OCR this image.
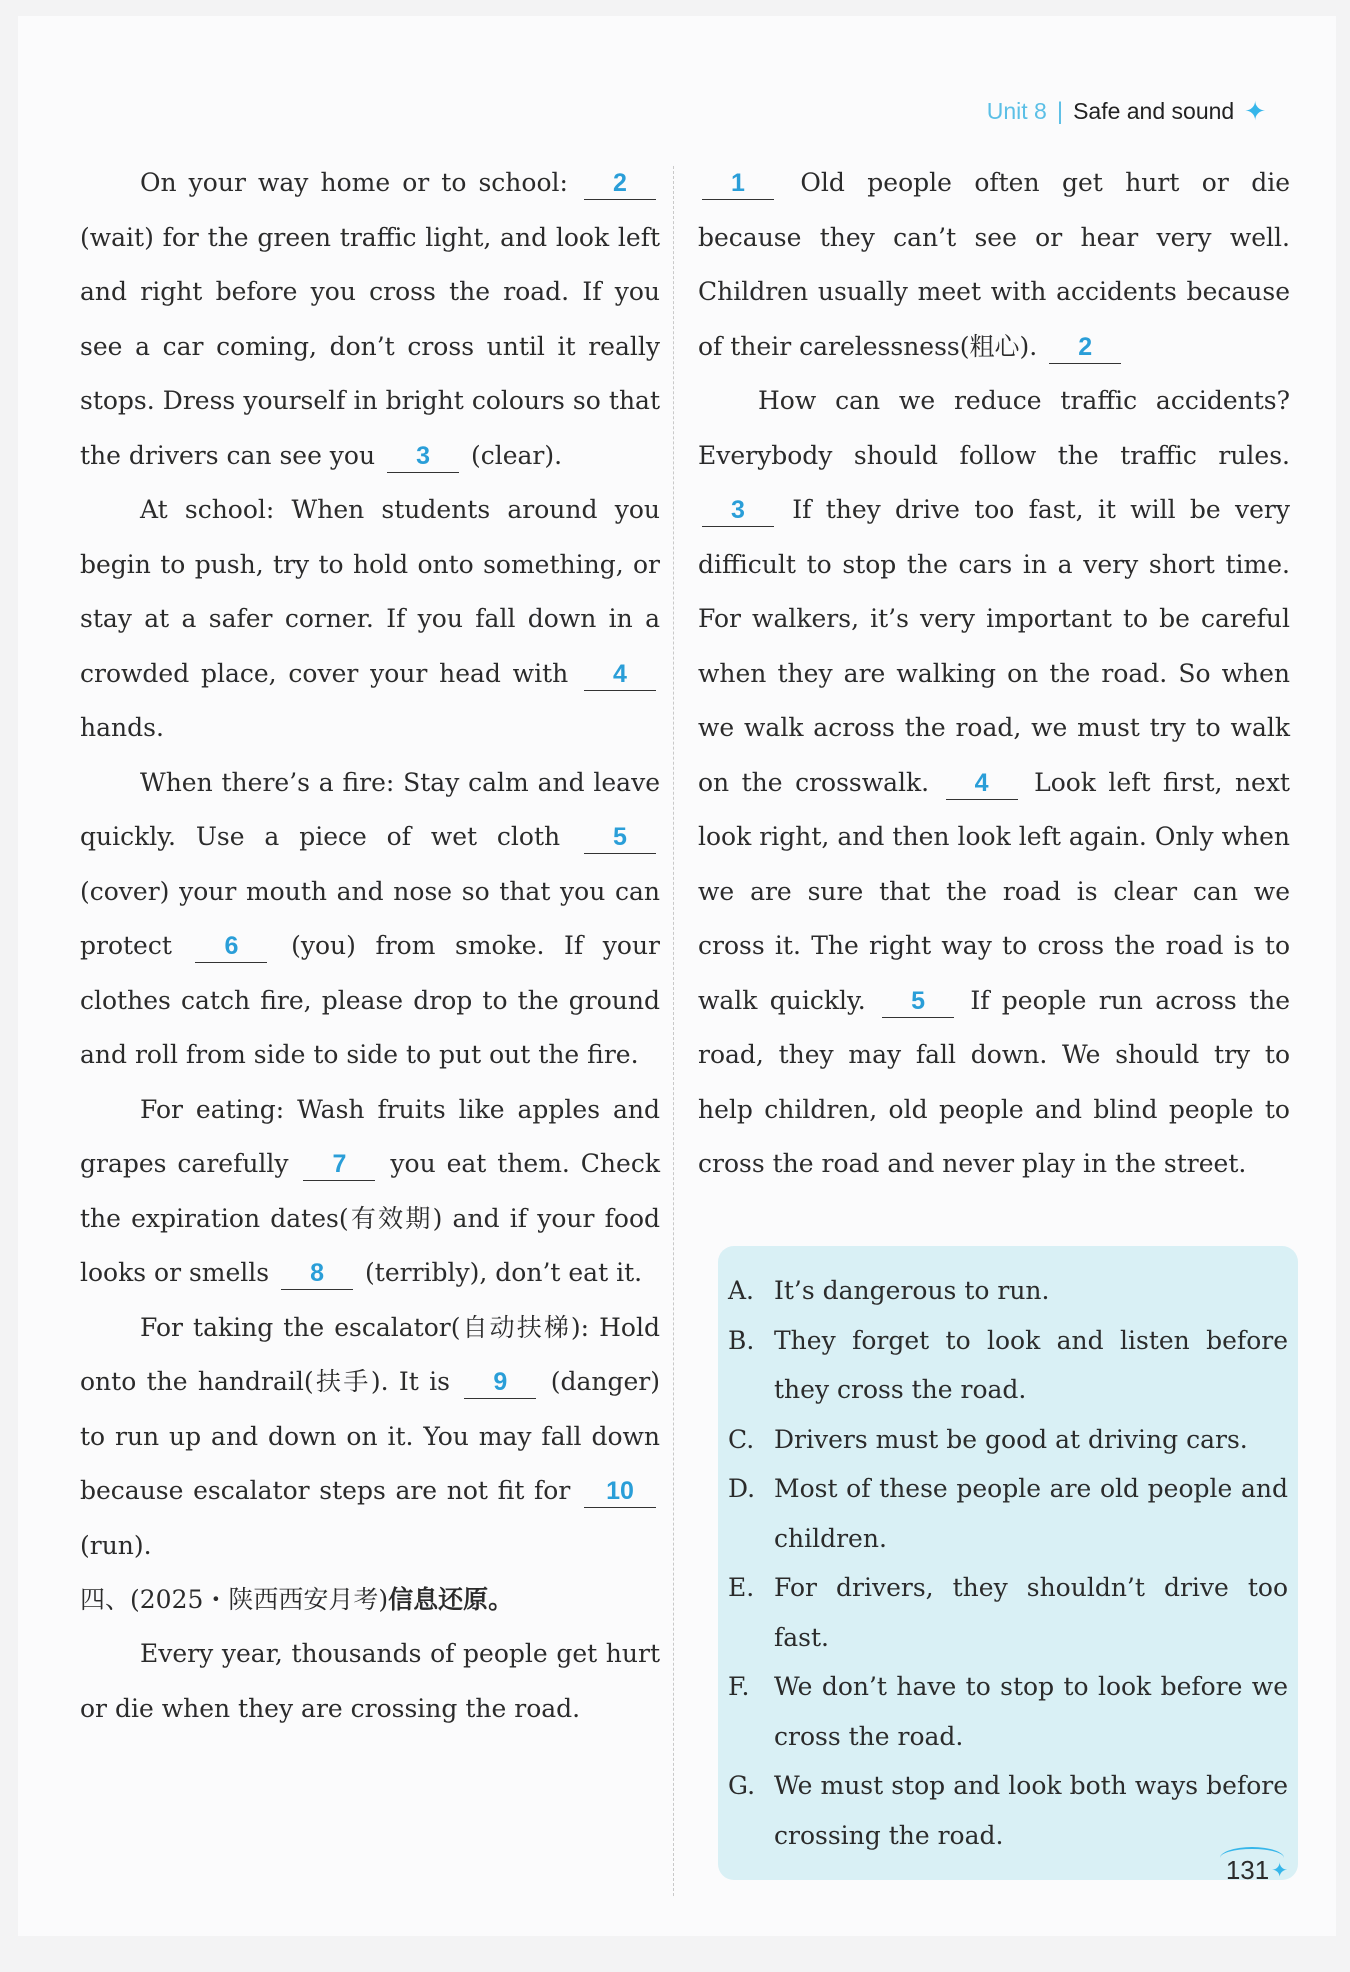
Unit 8 | Safe and sound ✦

On your way home or to school: 2 (wait) for the green traffic light, and look left and right before you cross the road. If you see a car coming, don’t cross until it really stops. Dress yourself in bright colours so that the drivers can see you 3 (clear).

At school: When students around you begin to push, try to hold onto something, or stay at a safer corner. If you fall down in a crowded place, cover your head with 4 hands.

When there’s a fire: Stay calm and leave quickly. Use a piece of wet cloth 5 (cover) your mouth and nose so that you can protect 6 (you) from smoke. If your clothes catch fire, please drop to the ground and roll from side to side to put out the fire.

For eating: Wash fruits like apples and grapes carefully 7 you eat them. Check the expiration dates(有效期) and if your food looks or smells 8 (terribly), don’t eat it.

For taking the escalator(自动扶梯): Hold onto the handrail(扶手). It is 9 (danger) to run up and down on it. You may fall down because escalator steps are not fit for 10 (run).

四、(2025・陕西西安月考)信息还原。

Every year, thousands of people get hurt or die when they are crossing the road.

1 Old people often get hurt or die because they can’t see or hear very well. Children usually meet with accidents because of their carelessness(粗心). 2

How can we reduce traffic accidents? Everybody should follow the traffic rules. 3 If they drive too fast, it will be very difficult to stop the cars in a very short time. For walkers, it’s very important to be careful when they are walking on the road. So when we walk across the road, we must try to walk on the crosswalk. 4 Look left first, next look right, and then look left again. Only when we are sure that the road is clear can we cross it. The right way to cross the road is to walk quickly. 5 If people run across the road, they may fall down. We should try to help children, old people and blind people to cross the road and never play in the street.

A. It’s dangerous to run.
B. They forget to look and listen before they cross the road.
C. Drivers must be good at driving cars.
D. Most of these people are old people and children.
E. For drivers, they shouldn’t drive too fast.
F. We don’t have to stop to look before we cross the road.
G. We must stop and look both ways before crossing the road.
131 ✦
